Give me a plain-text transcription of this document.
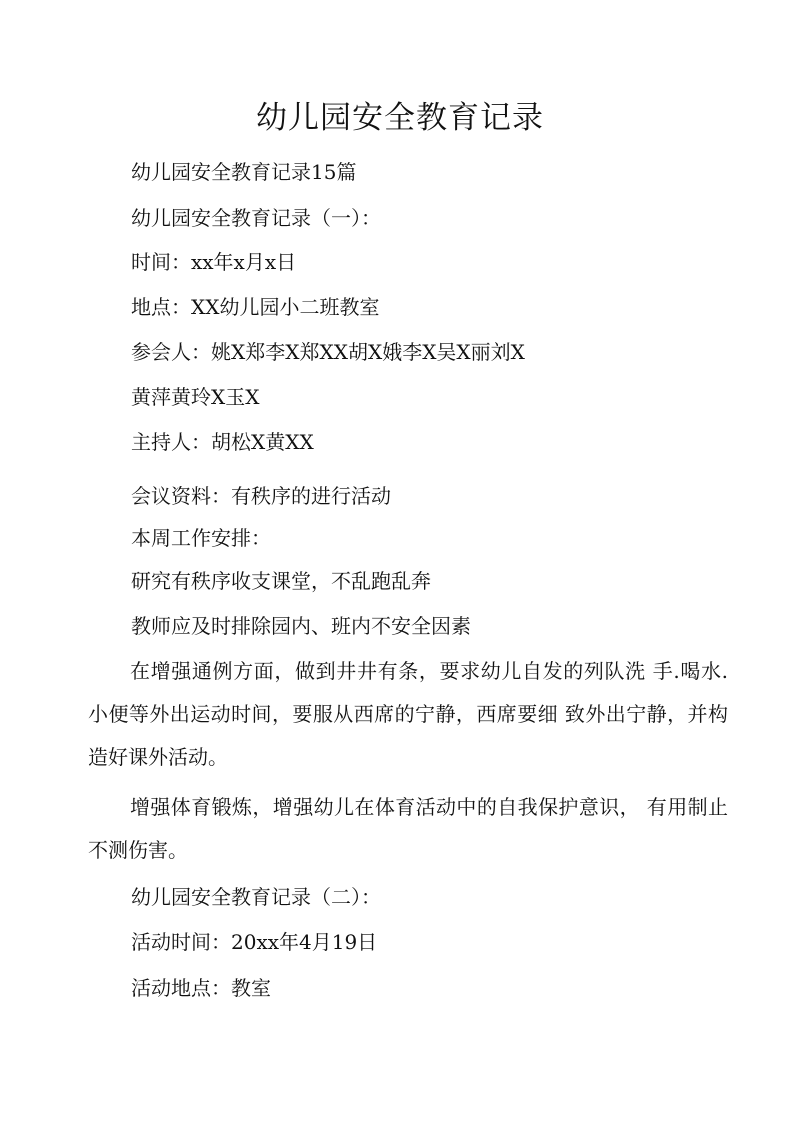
幼儿园安全教育记录
幼儿园安全教育记录15篇
幼儿园安全教育记录（一）：
时间：xx年x月x日
地点：XX幼儿园小二班教室
参会人：姚X郑李X郑XX胡X娥李X吴X丽刘X
黄萍黄玲X玉X
主持人：胡松X黄XX
会议资料：有秩序的进行活动
本周工作安排：
研究有秩序收支课堂，不乱跑乱奔
教师应及时排除园内、班内不安全因素

在增强通例方面，做到井井有条，要求幼儿自发的列队洗 手.喝水.小便等外出运动时间，要服从西席的宁静，西席要细 致外出宁静，并构造好课外活动。

增强体育锻炼，增强幼儿在体育活动中的自我保护意识， 有用制止不测伤害。

幼儿园安全教育记录（二）：
活动时间：20xx年4月19日
活动地点：教室
